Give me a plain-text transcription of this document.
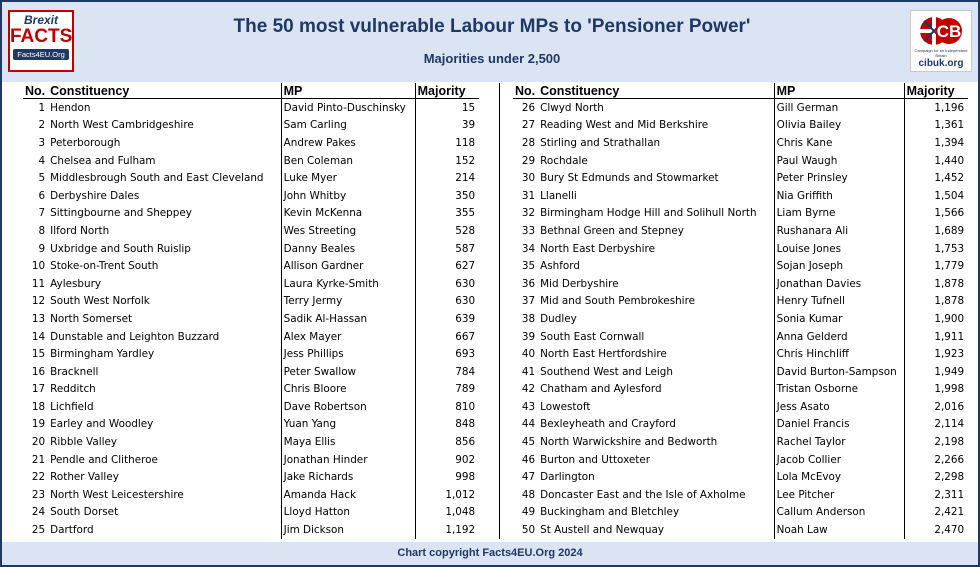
Brexit
FACTS
Facts4EU.Org
The 50 most vulnerable Labour MPs to 'Pensioner Power'
Majorities under 2,500
CB
Campaign for an Independent Britain
cibuk.org
No.	Constituency	MP	Majority
1	Hendon	David Pinto-Duschinsky	15
2	North West Cambridgeshire	Sam Carling	39
3	Peterborough	Andrew Pakes	118
4	Chelsea and Fulham	Ben Coleman	152
5	Middlesbrough South and East Cleveland	Luke Myer	214
6	Derbyshire Dales	John Whitby	350
7	Sittingbourne and Sheppey	Kevin McKenna	355
8	Ilford North	Wes Streeting	528
9	Uxbridge and South Ruislip	Danny Beales	587
10	Stoke-on-Trent South	Allison Gardner	627
11	Aylesbury	Laura Kyrke-Smith	630
12	South West Norfolk	Terry Jermy	630
13	North Somerset	Sadik Al-Hassan	639
14	Dunstable and Leighton Buzzard	Alex Mayer	667
15	Birmingham Yardley	Jess Phillips	693
16	Bracknell	Peter Swallow	784
17	Redditch	Chris Bloore	789
18	Lichfield	Dave Robertson	810
19	Earley and Woodley	Yuan Yang	848
20	Ribble Valley	Maya Ellis	856
21	Pendle and Clitheroe	Jonathan Hinder	902
22	Rother Valley	Jake Richards	998
23	North West Leicestershire	Amanda Hack	1,012
24	South Dorset	Lloyd Hatton	1,048
25	Dartford	Jim Dickson	1,192
No.	Constituency	MP	Majority
26	Clwyd North	Gill German	1,196
27	Reading West and Mid Berkshire	Olivia Bailey	1,361
28	Stirling and Strathallan	Chris Kane	1,394
29	Rochdale	Paul Waugh	1,440
30	Bury St Edmunds and Stowmarket	Peter Prinsley	1,452
31	Llanelli	Nia Griffith	1,504
32	Birmingham Hodge Hill and Solihull North	Liam Byrne	1,566
33	Bethnal Green and Stepney	Rushanara Ali	1,689
34	North East Derbyshire	Louise Jones	1,753
35	Ashford	Sojan Joseph	1,779
36	Mid Derbyshire	Jonathan Davies	1,878
37	Mid and South Pembrokeshire	Henry Tufnell	1,878
38	Dudley	Sonia Kumar	1,900
39	South East Cornwall	Anna Gelderd	1,911
40	North East Hertfordshire	Chris Hinchliff	1,923
41	Southend West and Leigh	David Burton-Sampson	1,949
42	Chatham and Aylesford	Tristan Osborne	1,998
43	Lowestoft	Jess Asato	2,016
44	Bexleyheath and Crayford	Daniel Francis	2,114
45	North Warwickshire and Bedworth	Rachel Taylor	2,198
46	Burton and Uttoxeter	Jacob Collier	2,266
47	Darlington	Lola McEvoy	2,298
48	Doncaster East and the Isle of Axholme	Lee Pitcher	2,311
49	Buckingham and Bletchley	Callum Anderson	2,421
50	St Austell and Newquay	Noah Law	2,470
Chart copyright Facts4EU.Org 2024
